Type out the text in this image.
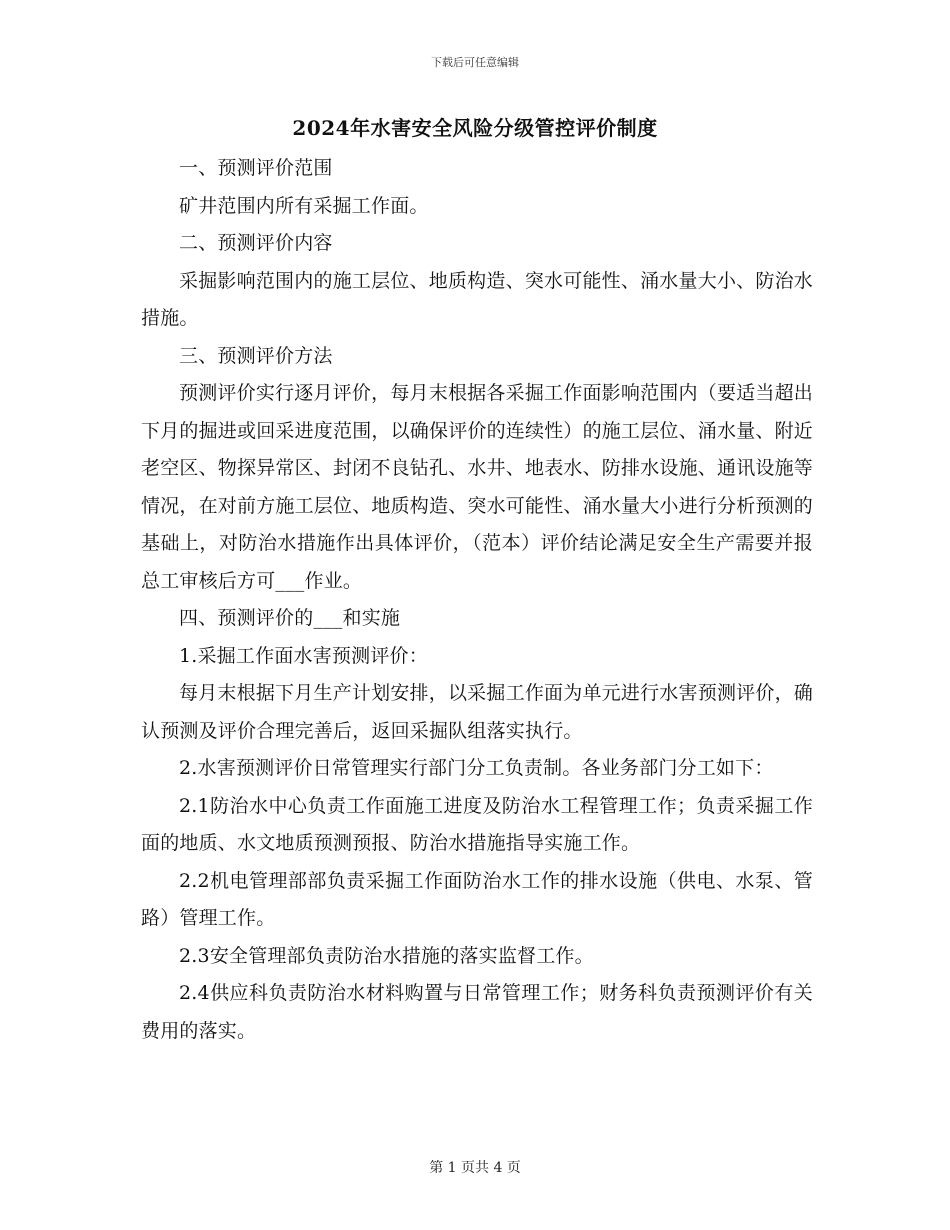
下载后可任意编辑
2024年水害安全风险分级管控评价制度

一、预测评价范围

矿井范围内所有采掘工作面。

二、预测评价内容

采掘影响范围内的施工层位、地质构造、突水可能性、涌水量大小、防治水措施。

三、预测评价方法

预测评价实行逐月评价，每月末根据各采掘工作面影响范围内（要适当超出下月的掘进或回采进度范围，以确保评价的连续性）的施工层位、涌水量、附近老空区、物探异常区、封闭不良钻孔、水井、地表水、防排水设施、通讯设施等情况，在对前方施工层位、地质构造、突水可能性、涌水量大小进行分析预测的基础上，对防治水措施作出具体评价，（范本）评价结论满足安全生产需要并报总工审核后方可___作业。

四、预测评价的___和实施

1.采掘工作面水害预测评价：

每月末根据下月生产计划安排，以采掘工作面为单元进行水害预测评价，确认预测及评价合理完善后，返回采掘队组落实执行。

2.水害预测评价日常管理实行部门分工负责制。各业务部门分工如下：

2.1防治水中心负责工作面施工进度及防治水工程管理工作；负责采掘工作面的地质、水文地质预测预报、防治水措施指导实施工作。

2.2机电管理部部负责采掘工作面防治水工作的排水设施（供电、水泵、管路）管理工作。

2.3安全管理部负责防治水措施的落实监督工作。

2.4供应科负责防治水材料购置与日常管理工作；财务科负责预测评价有关费用的落实。

第 1 页共 4 页
